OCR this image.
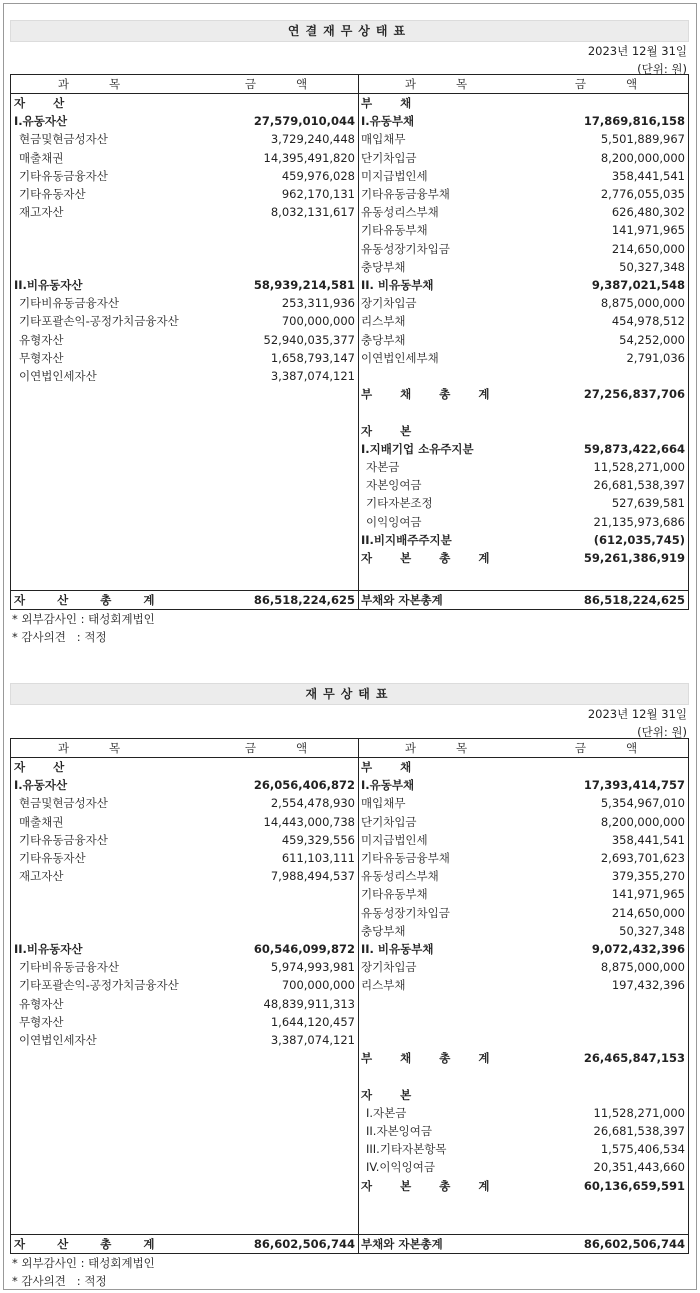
연결재무상태표
2023년 12월 31일
(단위: 원)
과목	금액
자 산
I.유동자산	27,579,010,044
현금및현금성자산	3,729,240,448
매출채권	14,395,491,820
기타유동금융자산	459,976,028
기타유동자산	962,170,131
재고자산	8,032,131,617
II.비유동자산	58,939,214,581
기타비유동금융자산	253,311,936
기타포괄손익-공정가치금융자산	700,000,000
유형자산	52,940,035,377
무형자산	1,658,793,147
이연법인세자산	3,387,074,121
자 산 총 계	86,518,224,625
과목	금액
부 채
I.유동부채	17,869,816,158
매입채무	5,501,889,967
단기차입금	8,200,000,000
미지급법인세	358,441,541
기타유동금융부채	2,776,055,035
유동성리스부채	626,480,302
기타유동부채	141,971,965
유동성장기차입금	214,650,000
충당부채	50,327,348
II. 비유동부채	9,387,021,548
장기차입금	8,875,000,000
리스부채	454,978,512
충당부채	54,252,000
이연법인세부채	2,791,036
부 채 총 계	27,256,837,706
자 본
I.지배기업 소유주지분	59,873,422,664
자본금	11,528,271,000
자본잉여금	26,681,538,397
기타자본조정	527,639,581
이익잉여금	21,135,973,686
II.비지배주주지분	(612,035,745)
자 본 총 계	59,261,386,919
부채와 자본총계	86,518,224,625
* 외부감사인 : 태성회계법인
* 감사의견   : 적정
재무상태표
2023년 12월 31일
(단위: 원)
과목	금액
자 산
I.유동자산	26,056,406,872
현금및현금성자산	2,554,478,930
매출채권	14,443,000,738
기타유동금융자산	459,329,556
기타유동자산	611,103,111
재고자산	7,988,494,537
II.비유동자산	60,546,099,872
기타비유동금융자산	5,974,993,981
기타포괄손익-공정가치금융자산	700,000,000
유형자산	48,839,911,313
무형자산	1,644,120,457
이연법인세자산	3,387,074,121
자 산 총 계	86,602,506,744
과목	금액
부 채
I.유동부채	17,393,414,757
매입채무	5,354,967,010
단기차입금	8,200,000,000
미지급법인세	358,441,541
기타유동금융부채	2,693,701,623
유동성리스부채	379,355,270
기타유동부채	141,971,965
유동성장기차입금	214,650,000
충당부채	50,327,348
II. 비유동부채	9,072,432,396
장기차입금	8,875,000,000
리스부채	197,432,396
부 채 총 계	26,465,847,153
자 본
I.자본금	11,528,271,000
II.자본잉여금	26,681,538,397
III.기타자본항목	1,575,406,534
IV.이익잉여금	20,351,443,660
자 본 총 계	60,136,659,591
부채와 자본총계	86,602,506,744
* 외부감사인 : 태성회계법인
* 감사의견   : 적정
